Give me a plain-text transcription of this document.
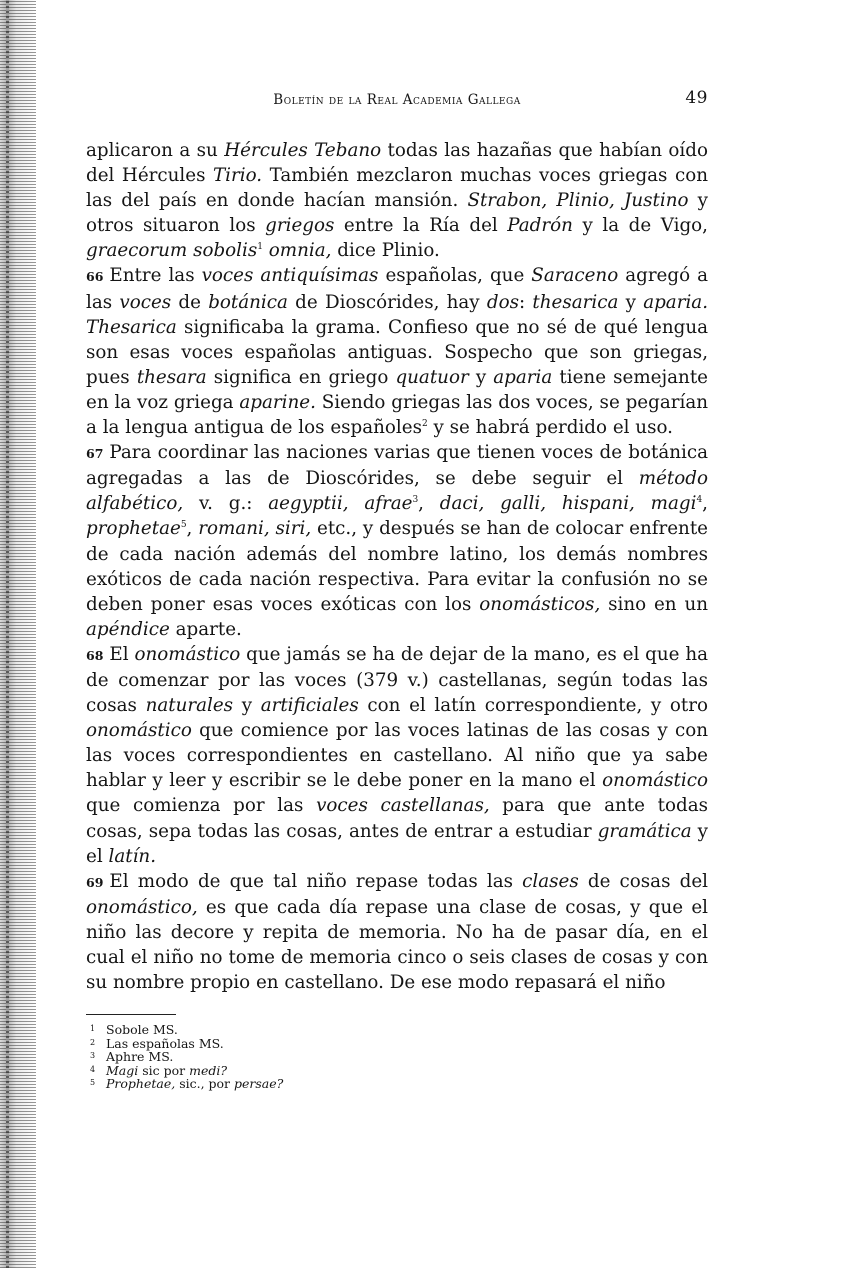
Boletín de la Real Academia Gallega	49

aplicaron a su Hércules Tebano todas las hazañas que habían oído del Hércules Tirio. También mezclaron muchas voces griegas con las del país en donde hacían mansión. Strabon, Plinio, Justino y otros situaron los griegos entre la Ría del Padrón y la de Vigo, graecorum sobolis$^1$ omnia, dice Plinio.

66 Entre las voces antiquísimas españolas, que Saraceno agregó a las voces de botánica de Dioscórides, hay dos: thesarica y aparia. Thesarica significaba la grama. Confieso que no sé de qué lengua son esas voces españolas antiguas. Sospecho que son griegas, pues thesara significa en griego quatuor y aparia tiene semejante en la voz griega aparine. Siendo griegas las dos voces, se pegarían a la lengua antigua de los españoles$^2$ y se habrá perdido el uso.

67 Para coordinar las naciones varias que tienen voces de botánica agregadas a las de Dioscórides, se debe seguir el método alfabético, v. g.: aegyptii, afrae$^3$, daci, galli, hispani, magi$^4$, prophetae$^5$, romani, siri, etc., y después se han de colocar enfrente de cada nación además del nombre latino, los demás nombres exóticos de cada nación respectiva. Para evitar la confusión no se deben poner esas voces exóticas con los onomásticos, sino en un apéndice aparte.

68 El onomástico que jamás se ha de dejar de la mano, es el que ha de comenzar por las voces (379 v.) castellanas, según todas las cosas naturales y artificiales con el latín correspondiente, y otro onomástico que comience por las voces latinas de las cosas y con las voces correspondientes en castellano. Al niño que ya sabe hablar y leer y escribir se le debe poner en la mano el onomástico que comienza por las voces castellanas, para que ante todas cosas, sepa todas las cosas, antes de entrar a estudiar gramática y el latín.

69 El modo de que tal niño repase todas las clases de cosas del onomástico, es que cada día repase una clase de cosas, y que el niño las decore y repita de memoria. No ha de pasar día, en el cual el niño no tome de memoria cinco o seis clases de cosas y con su nombre propio en castellano. De ese modo repasará el niño

1 Sobole MS.
2 Las españolas MS.
3 Aphre MS.
4 Magi sic por medi?
5 Prophetae, sic., por persae?
